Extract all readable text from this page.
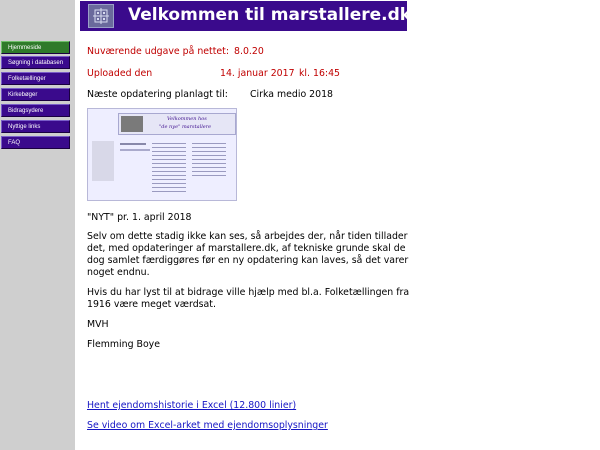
Hjemmeside
Søgning i databasen
Folketællinger
Kirkebøger
Bidragsydere
Nyttige links
FAQ
Velkommen til marstallere.dk
Nuværende udgave på nettet: 8.0.20
Uploaded den	14. januar 2017 kl. 16:45
Næste opdatering planlagt til: Cirka medio 2018
Velkommen hos
"de nye" marstallere
"NYT" pr. 1. april 2018
Selv om dette stadig ikke kan ses, så arbejdes der, når tiden tillader det, med opdateringer af marstallere.dk, af tekniske grunde skal de dog samlet færdiggøres før en ny opdatering kan laves, så det varer noget endnu.
Hvis du har lyst til at bidrage ville hjælp med bl.a. Folketællingen fra 1916 være meget værdsat.
MVH
Flemming Boye
Hent ejendomshistorie i Excel (12.800 linier)
Se video om Excel-arket med ejendomsoplysninger
